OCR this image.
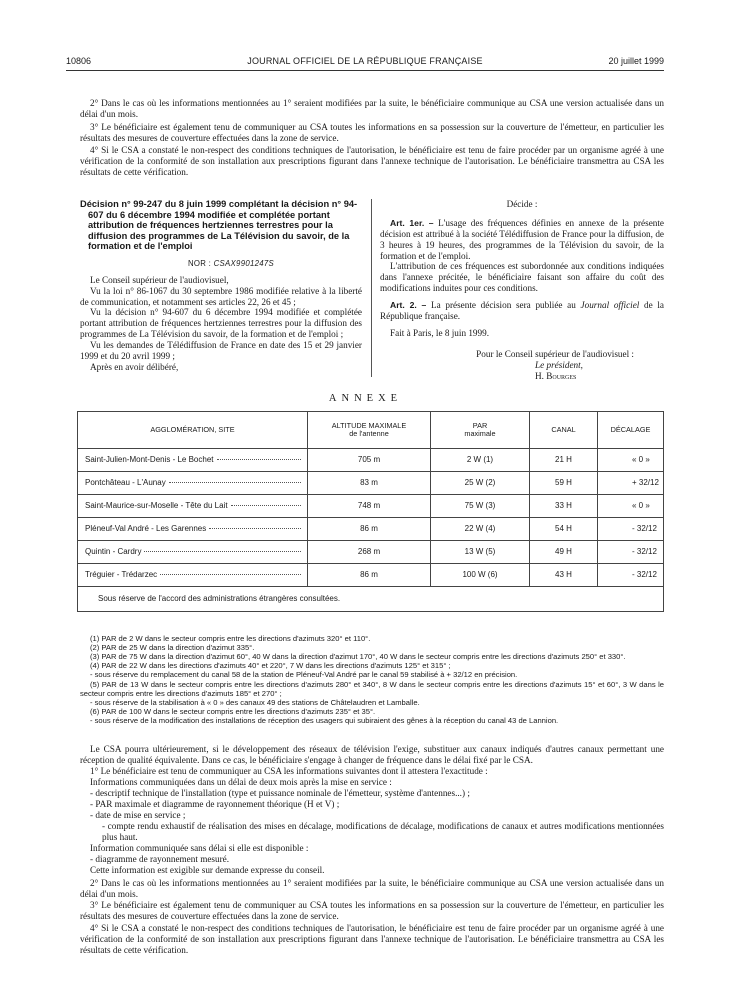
10806	JOURNAL OFFICIEL DE LA RÉPUBLIQUE FRANÇAISE	20 juillet 1999

2° Dans le cas où les informations mentionnées au 1° seraient modifiées par la suite, le bénéficiaire communique au CSA une version actualisée dans un délai d'un mois.

3° Le bénéficiaire est également tenu de communiquer au CSA toutes les informations en sa possession sur la couverture de l'émetteur, en particulier les résultats des mesures de couverture effectuées dans la zone de service.

4° Si le CSA a constaté le non-respect des conditions techniques de l'autorisation, le bénéficiaire est tenu de faire procéder par un organisme agréé à une vérification de la conformité de son installation aux prescriptions figurant dans l'annexe technique de l'autorisation. Le bénéficiaire transmettra au CSA les résultats de cette vérification.

Décision n° 99-247 du 8 juin 1999 complétant la décision n° 94-607 du 6 décembre 1994 modifiée et complétée portant attribution de fréquences hertziennes terrestres pour la diffusion des programmes de La Télévision du savoir, de la formation et de l'emploi
NOR : CSAX9901247S

Le Conseil supérieur de l'audiovisuel,

Vu la loi n° 86-1067 du 30 septembre 1986 modifiée relative à la liberté de communication, et notamment ses articles 22, 26 et 45 ;

Vu la décision n° 94-607 du 6 décembre 1994 modifiée et complétée portant attribution de fréquences hertziennes terrestres pour la diffusion des programmes de La Télévision du savoir, de la formation et de l'emploi ;

Vu les demandes de Télédiffusion de France en date des 15 et 29 janvier 1999 et du 20 avril 1999 ;

Après en avoir délibéré,

Décide :

Art. 1er. – L'usage des fréquences définies en annexe de la présente décision est attribué à la société Télédiffusion de France pour la diffusion, de 3 heures à 19 heures, des programmes de la Télévision du savoir, de la formation et de l'emploi.

L'attribution de ces fréquences est subordonnée aux conditions indiquées dans l'annexe précitée, le bénéficiaire faisant son affaire du coût des modifications induites pour ces conditions.

Art. 2. – La présente décision sera publiée au Journal officiel de la République française.

Fait à Paris, le 8 juin 1999.

Pour le Conseil supérieur de l'audiovisuel :
Le président,
H. Bourges
ANNEXE
AGGLOMÉRATION, SITE	ALTITUDE MAXIMALE
de l'antenne
PAR
maximale	CANAL	DÉCALAGE
Saint-Julien-Mont-Denis - Le Bochet	705 m	2 W (1)	21 H	« 0 »
Pontchâteau - L'Aunay	83 m	25 W (2)	59 H	+ 32/12
Saint-Maurice-sur-Moselle - Tête du Lait	748 m	75 W (3)	33 H	« 0 »
Pléneuf-Val André - Les Garennes	86 m	22 W (4)	54 H	- 32/12
Quintin - Cardry	268 m	13 W (5)	49 H	- 32/12
Tréguier - Trédarzec	86 m	100 W (6)	43 H	- 32/12
Sous réserve de l'accord des administrations étrangères consultées.

(1) PAR de 2 W dans le secteur compris entre les directions d'azimuts 320° et 110°.

(2) PAR de 25 W dans la direction d'azimut 335°.

(3) PAR de 75 W dans la direction d'azimut 60°, 40 W dans la direction d'azimut 170°, 40 W dans le secteur compris entre les directions d'azimuts 250° et 330°.

(4) PAR de 22 W dans les directions d'azimuts 40° et 220°, 7 W dans les directions d'azimuts 125° et 315° ;

- sous réserve du remplacement du canal 58 de la station de Pléneuf-Val André par le canal 59 stabilisé à + 32/12 en précision.

(5) PAR de 13 W dans le secteur compris entre les directions d'azimuts 280° et 340°, 8 W dans le secteur compris entre les directions d'azimuts 15° et 60°, 3 W dans le secteur compris entre les directions d'azimuts 185° et 270° ;

- sous réserve de la stabilisation à « 0 » des canaux 49 des stations de Châtelaudren et Lamballe.

(6) PAR de 100 W dans le secteur compris entre les directions d'azimuts 235° et 35°.

- sous réserve de la modification des installations de réception des usagers qui subiraient des gênes à la réception du canal 43 de Lannion.

Le CSA pourra ultérieurement, si le développement des réseaux de télévision l'exige, substituer aux canaux indiqués d'autres canaux permettant une réception de qualité équivalente. Dans ce cas, le bénéficiaire s'engage à changer de fréquence dans le délai fixé par le CSA.

1° Le bénéficiaire est tenu de communiquer au CSA les informations suivantes dont il attestera l'exactitude :

Informations communiquées dans un délai de deux mois après la mise en service :

- descriptif technique de l'installation (type et puissance nominale de l'émetteur, système d'antennes...) ;

- PAR maximale et diagramme de rayonnement théorique (H et V) ;

- date de mise en service ;

- compte rendu exhaustif de réalisation des mises en décalage, modifications de décalage, modifications de canaux et autres modifications mentionnées plus haut.

Information communiquée sans délai si elle est disponible :

- diagramme de rayonnement mesuré.

Cette information est exigible sur demande expresse du conseil.

2° Dans le cas où les informations mentionnées au 1° seraient modifiées par la suite, le bénéficiaire communique au CSA une version actualisée dans un délai d'un mois.

3° Le bénéficiaire est également tenu de communiquer au CSA toutes les informations en sa possession sur la couverture de l'émetteur, en particulier les résultats des mesures de couverture effectuées dans la zone de service.

4° Si le CSA a constaté le non-respect des conditions techniques de l'autorisation, le bénéficiaire est tenu de faire procéder par un organisme agréé à une vérification de la conformité de son installation aux prescriptions figurant dans l'annexe technique de l'autorisation. Le bénéficiaire transmettra au CSA les résultats de cette vérification.
